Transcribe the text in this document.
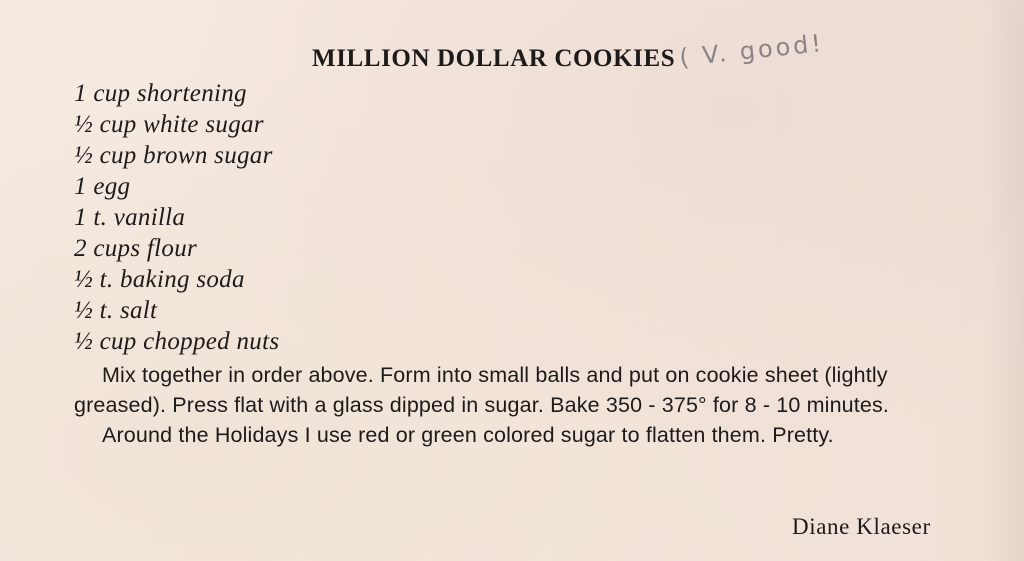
MILLION DOLLAR COOKIES ( V. good!
1 cup shortening
½ cup white sugar
½ cup brown sugar
1 egg
1 t. vanilla
2 cups flour
½ t. baking soda
½ t. salt
½ cup chopped nuts

Mix together in order above. Form into small balls and put on cookie sheet (lightly greased). Press flat with a glass dipped in sugar. Bake 350 - 375° for 8 - 10 minutes.

Around the Holidays I use red or green colored sugar to flatten them. Pretty.

Diane Klaeser
